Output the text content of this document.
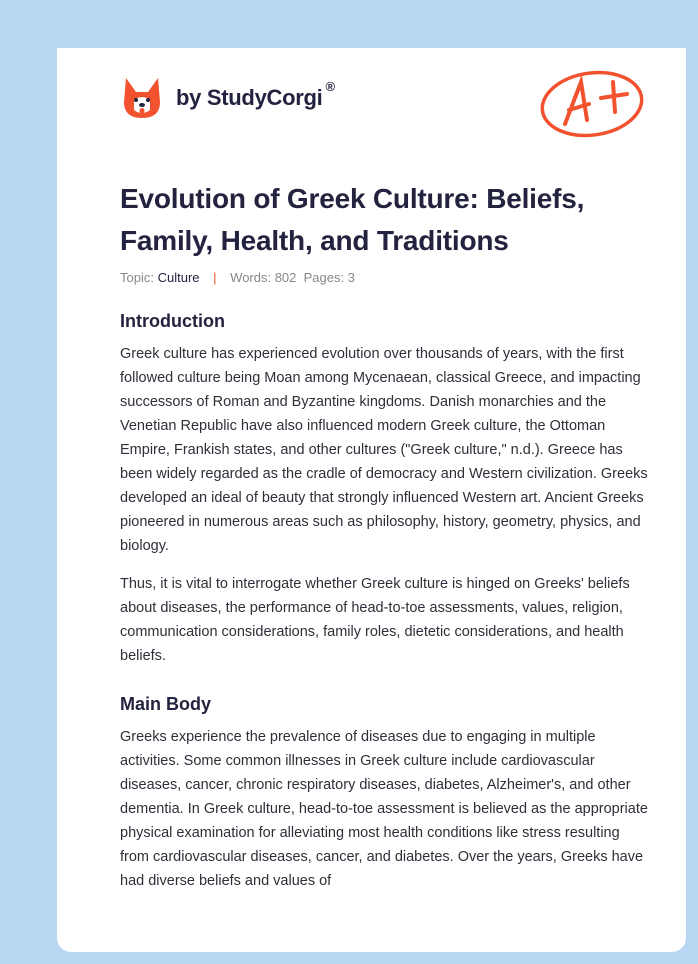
by StudyCorgi ®
Evolution of Greek Culture: Beliefs, Family, Health, and Traditions
Topic: Culture | Words: 802 Pages: 3
Introduction

Greek culture has experienced evolution over thousands of years, with the first followed culture being Moan among Mycenaean, classical Greece, and impacting successors of Roman and Byzantine kingdoms. Danish monarchies and the Venetian Republic have also influenced modern Greek culture, the Ottoman Empire, Frankish states, and other cultures ("Greek culture," n.d.). Greece has been widely regarded as the cradle of democracy and Western civilization. Greeks developed an ideal of beauty that strongly influenced Western art. Ancient Greeks pioneered in numerous areas such as philosophy, history, geometry, physics, and biology.

Thus, it is vital to interrogate whether Greek culture is hinged on Greeks' beliefs about diseases, the performance of head-to-toe assessments, values, religion, communication considerations, family roles, dietetic considerations, and health beliefs.

Main Body

Greeks experience the prevalence of diseases due to engaging in multiple activities. Some common illnesses in Greek culture include cardiovascular diseases, cancer, chronic respiratory diseases, diabetes, Alzheimer's, and other dementia. In Greek culture, head-to-toe assessment is believed as the appropriate physical examination for alleviating most health conditions like stress resulting from cardiovascular diseases, cancer, and diabetes. Over the years, Greeks have had diverse beliefs and values of
